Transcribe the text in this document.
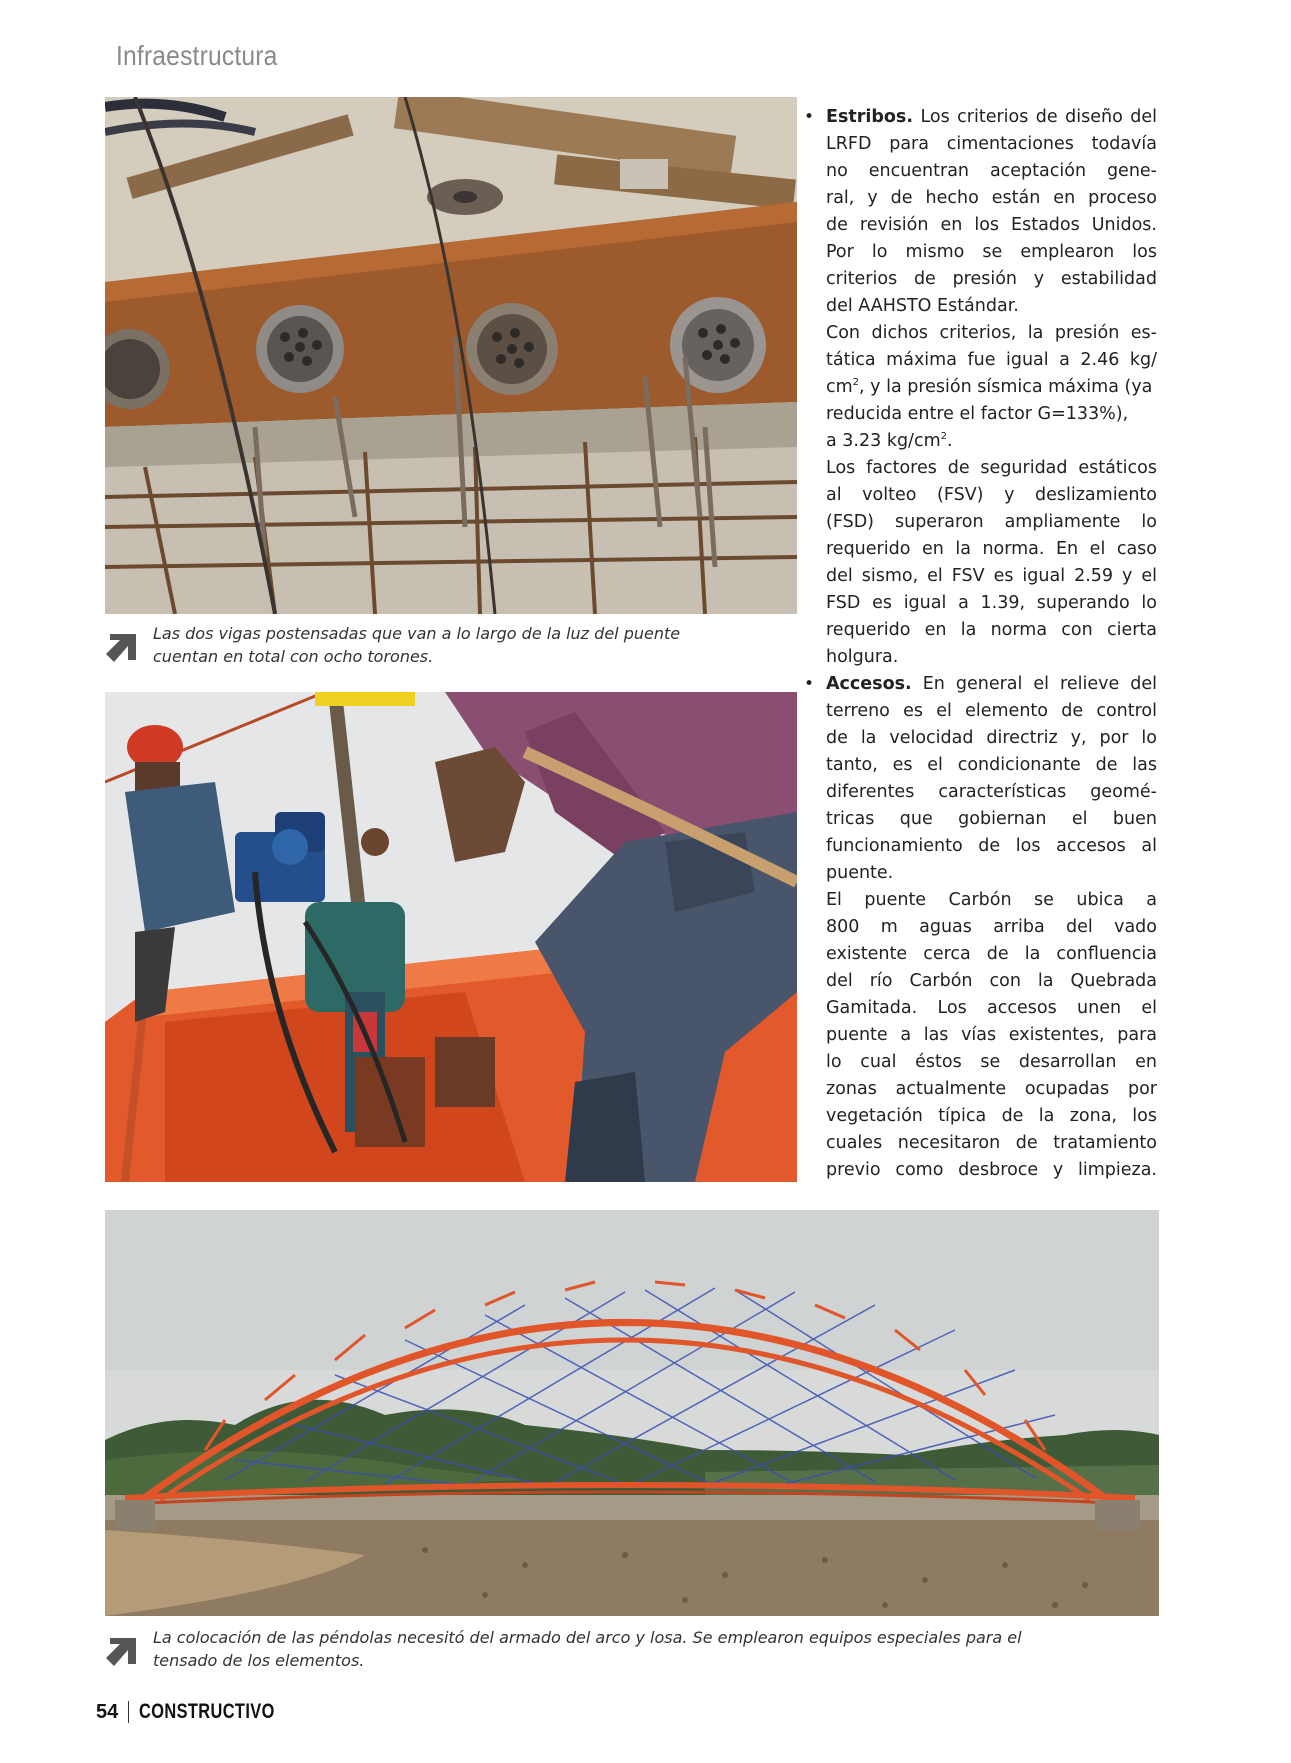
Infraestructura
Las dos vigas postensadas que van a lo largo de la luz del puente
cuentan en total con ocho torones.
• Estribos. Los criterios de diseño del
LRFD para cimentaciones todavía
no encuentran aceptación gene-
ral, y de hecho están en proceso
de revisión en los Estados Unidos.
Por lo mismo se emplearon los
criterios de presión y estabilidad
del AAHSTO Estándar.
Con dichos criterios, la presión es-
tática máxima fue igual a 2.46 kg/
$cm^2$, y la presión sísmica máxima (ya
reducida entre el factor G=133%),
a 3.23 $kg/cm^2$.
Los factores de seguridad estáticos
al volteo (FSV) y deslizamiento
(FSD) superaron ampliamente lo
requerido en la norma. En el caso
del sismo, el FSV es igual 2.59 y el
FSD es igual a 1.39, superando lo
requerido en la norma con cierta
holgura.
• Accesos. En general el relieve del
terreno es el elemento de control
de la velocidad directriz y, por lo
tanto, es el condicionante de las
diferentes características geomé-
tricas que gobiernan el buen
funcionamiento de los accesos al
puente.
El puente Carbón se ubica a
800 m aguas arriba del vado
existente cerca de la confluencia
del río Carbón con la Quebrada
Gamitada. Los accesos unen el
puente a las vías existentes, para
lo cual éstos se desarrollan en
zonas actualmente ocupadas por
vegetación típica de la zona, los
cuales necesitaron de tratamiento
previo como desbroce y limpieza.
La colocación de las péndolas necesitó del armado del arco y losa. Se emplearon equipos especiales para el
tensado de los elementos.
54 CONSTRUCTIVO
